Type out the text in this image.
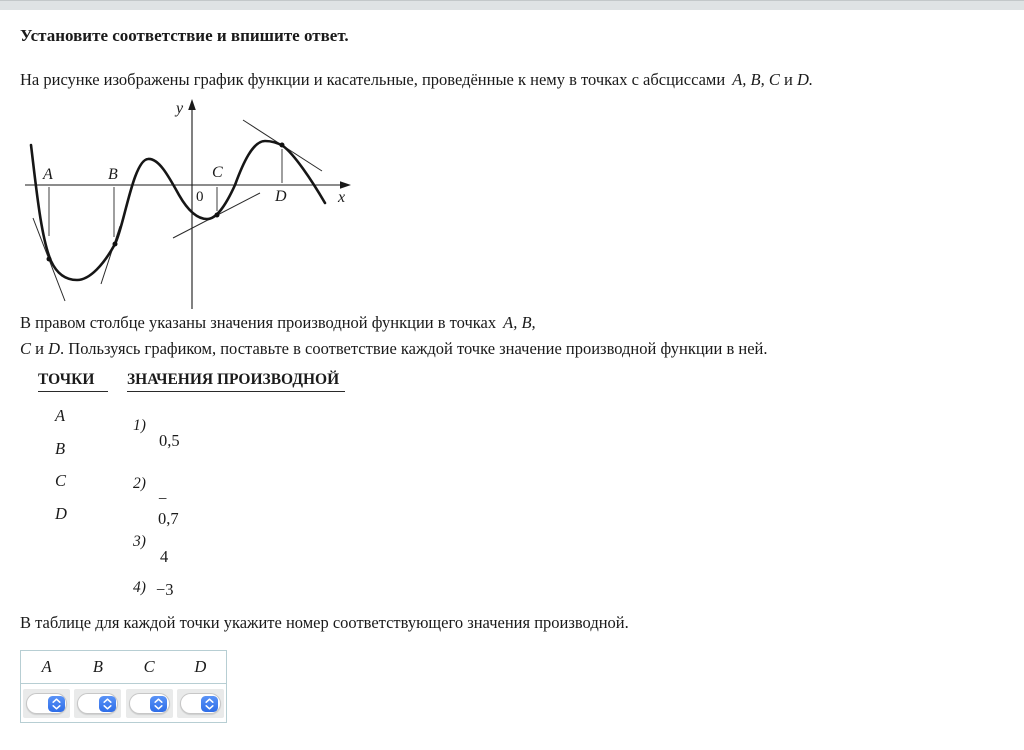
Установите соответствие и впишите ответ.

На рисунке изображены график функции и касательные, проведённые к нему в точках с абсциссами A, B, C и D.

y
x
0
A	B	C
D

В правом столбце указаны значения производной функции в точках A, B,

C и D. Пользуясь графиком, поставьте в соответствие каждой точке значение производной функции в ней.

ТОЧКИ	ЗНАЧЕНИЯ ПРОИЗВОДНОЙ
A
B
C
D
1)
0,5
2)
− 0,7
3)
4
4) −3

В таблице для каждой точки укажите номер соответствующего значения производной.

A	B	C	D
